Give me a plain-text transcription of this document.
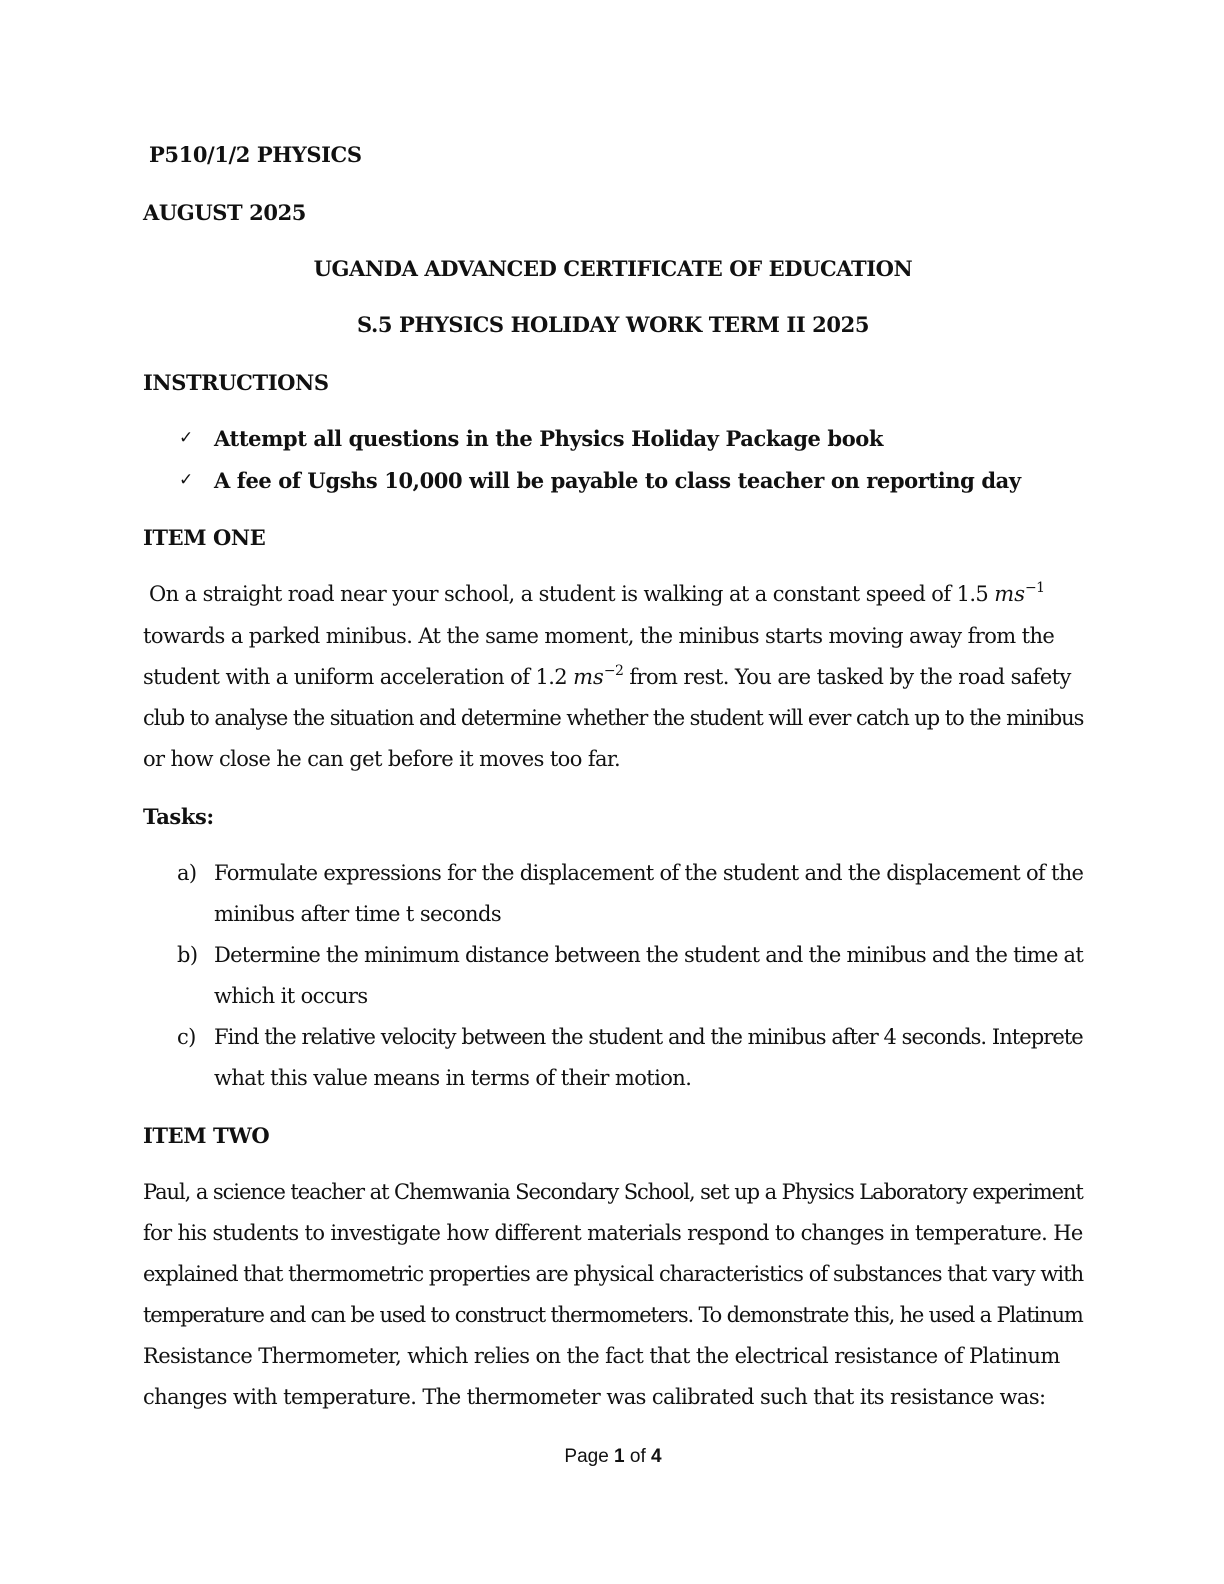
P510/1/2 PHYSICS
AUGUST 2025
UGANDA ADVANCED CERTIFICATE OF EDUCATION
S.5 PHYSICS HOLIDAY WORK TERM II 2025
INSTRUCTIONS
✓ Attempt all questions in the Physics Holiday Package book
✓ A fee of Ugshs 10,000 will be payable to class teacher on reporting day
ITEM ONE
On a straight road near your school, a student is walking at a constant speed of 1.5 $ms^{-1}$
towards a parked minibus. At the same moment, the minibus starts moving away from the
student with a uniform acceleration of 1.2 $ms^{-2}$ from rest. You are tasked by the road safety
club to analyse the situation and determine whether the student will ever catch up to the minibus
or how close he can get before it moves too far.
Tasks:
a) Formulate expressions for the displacement of the student and the displacement of the
minibus after time t seconds
b) Determine the minimum distance between the student and the minibus and the time at
which it occurs
c) Find the relative velocity between the student and the minibus after 4 seconds. Inteprete
what this value means in terms of their motion.
ITEM TWO
Paul, a science teacher at Chemwania Secondary School, set up a Physics Laboratory experiment
for his students to investigate how different materials respond to changes in temperature. He
explained that thermometric properties are physical characteristics of substances that vary with
temperature and can be used to construct thermometers. To demonstrate this, he used a Platinum
Resistance Thermometer, which relies on the fact that the electrical resistance of Platinum
changes with temperature. The thermometer was calibrated such that its resistance was:
Page 1 of 4
